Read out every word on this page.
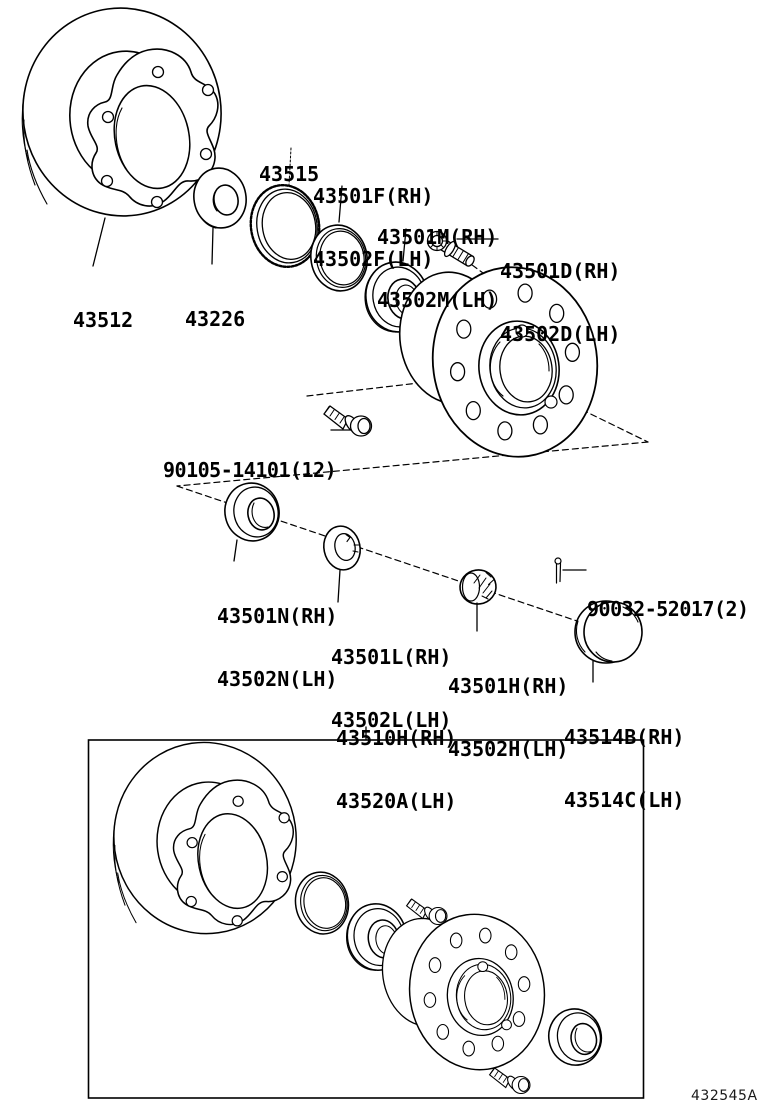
43515

43501F(RH)

43502F(LH)

43501M(RH)

43502M(LH)

43501D(RH)

43502D(LH)

43512

	43226

90105-14101(12)

43501N(RH)

43502N(LH)

90032-52017(2)

43501L(RH)

43502L(LH)

43501H(RH)

43502H(LH)

43510H(RH)

43520A(LH)

43514B(RH)

43514C(LH)

432545A
